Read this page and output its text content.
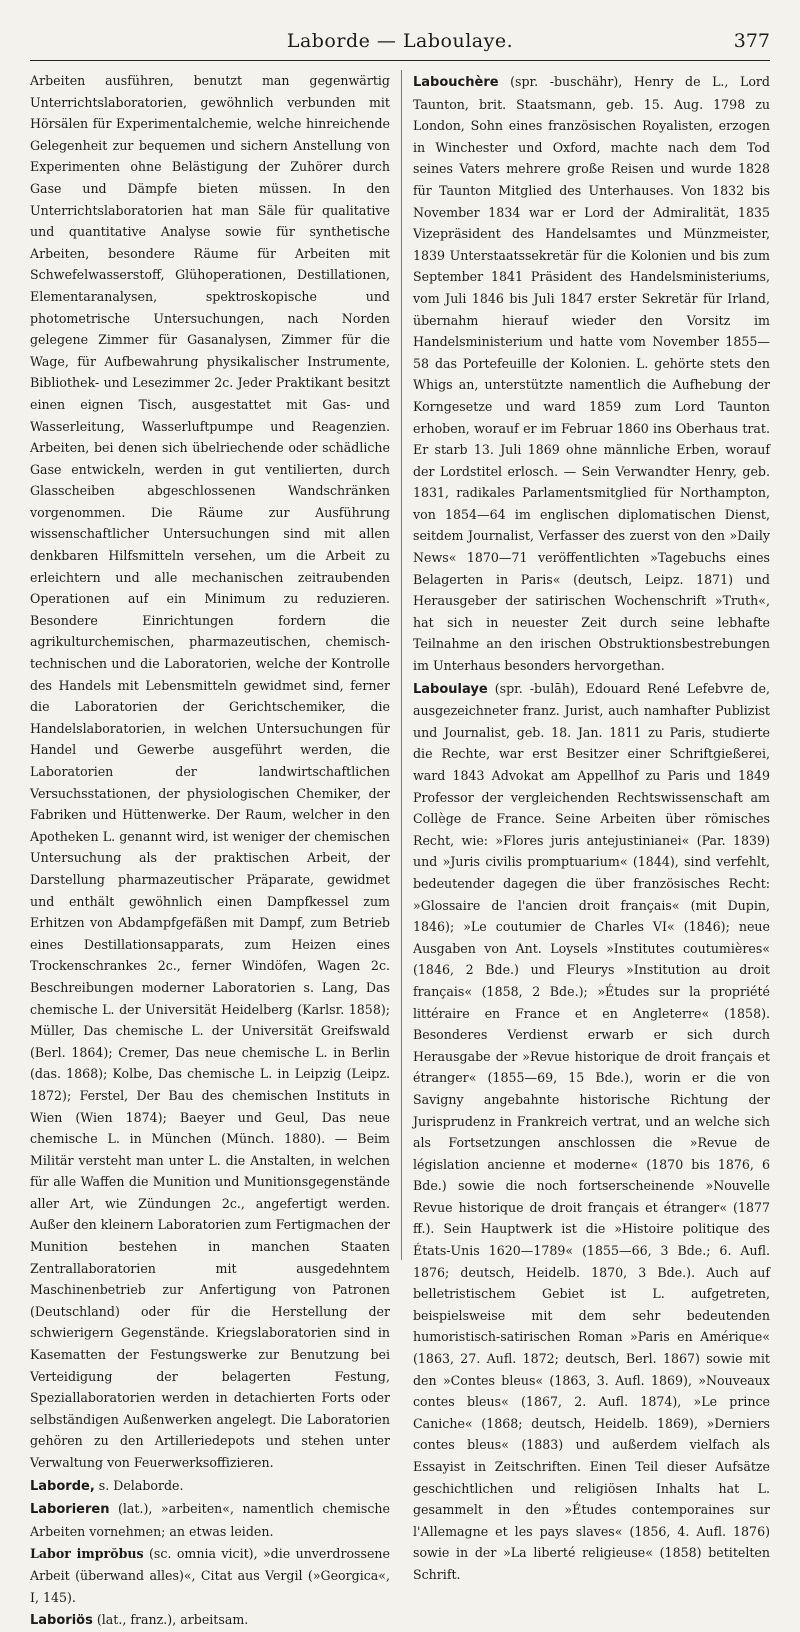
Laborde — Laboulaye.	377

Arbeiten ausführen, benutzt man gegenwärtig Unterrichtslaboratorien, gewöhnlich verbunden mit Hörsälen für Experimentalchemie, welche hinreichende Gelegenheit zur bequemen und sichern Anstellung von Experimenten ohne Belästigung der Zuhörer durch Gase und Dämpfe bieten müssen. In den Unterrichtslaboratorien hat man Säle für qualitative und quantitative Analyse sowie für synthetische Arbeiten, besondere Räume für Arbeiten mit Schwefelwasserstoff, Glühoperationen, Destillationen, Elementaranalysen, spektroskopische und photometrische Untersuchungen, nach Norden gelegene Zimmer für Gasanalysen, Zimmer für die Wage, für Aufbewahrung physikalischer Instrumente, Bibliothek- und Lesezimmer 2c. Jeder Praktikant besitzt einen eignen Tisch, ausgestattet mit Gas- und Wasserleitung, Wasserluftpumpe und Reagenzien. Arbeiten, bei denen sich übelriechende oder schädliche Gase entwickeln, werden in gut ventilierten, durch Glasscheiben abgeschlossenen Wandschränken vorgenommen. Die Räume zur Ausführung wissenschaftlicher Untersuchungen sind mit allen denkbaren Hilfsmitteln versehen, um die Arbeit zu erleichtern und alle mechanischen zeitraubenden Operationen auf ein Minimum zu reduzieren. Besondere Einrichtungen fordern die agrikulturchemischen, pharmazeutischen, chemisch-technischen und die Laboratorien, welche der Kontrolle des Handels mit Lebensmitteln gewidmet sind, ferner die Laboratorien der Gerichtschemiker, die Handelslaboratorien, in welchen Untersuchungen für Handel und Gewerbe ausgeführt werden, die Laboratorien der landwirtschaftlichen Versuchsstationen, der physiologischen Chemiker, der Fabriken und Hüttenwerke. Der Raum, welcher in den Apotheken L. genannt wird, ist weniger der chemischen Untersuchung als der praktischen Arbeit, der Darstellung pharmazeutischer Präparate, gewidmet und enthält gewöhnlich einen Dampfkessel zum Erhitzen von Abdampfgefäßen mit Dampf, zum Betrieb eines Destillationsapparats, zum Heizen eines Trockenschrankes 2c., ferner Windöfen, Wagen 2c. Beschreibungen moderner Laboratorien s. Lang, Das chemische L. der Universität Heidelberg (Karlsr. 1858); Müller, Das chemische L. der Universität Greifswald (Berl. 1864); Cremer, Das neue chemische L. in Berlin (das. 1868); Kolbe, Das chemische L. in Leipzig (Leipz. 1872); Ferstel, Der Bau des chemischen Instituts in Wien (Wien 1874); Baeyer und Geul, Das neue chemische L. in München (Münch. 1880). — Beim Militär versteht man unter L. die Anstalten, in welchen für alle Waffen die Munition und Munitionsgegenstände aller Art, wie Zündungen 2c., angefertigt werden. Außer den kleinern Laboratorien zum Fertigmachen der Munition bestehen in manchen Staaten Zentrallaboratorien mit ausgedehntem Maschinenbetrieb zur Anfertigung von Patronen (Deutschland) oder für die Herstellung der schwierigern Gegenstände. Kriegslaboratorien sind in Kasematten der Festungswerke zur Benutzung bei Verteidigung der belagerten Festung, Speziallaboratorien werden in detachierten Forts oder selbständigen Außenwerken angelegt. Die Laboratorien gehören zu den Artilleriedepots und stehen unter Verwaltung von Feuerwerksoffizieren.

Laborde, s. Delaborde.

Laborieren (lat.), »arbeiten«, namentlich chemische Arbeiten vornehmen; an etwas leiden.

Labor imprŏbus (sc. omnia vicit), »die unverdrossene Arbeit (überwand alles)«, Citat aus Vergil (»Georgica«, I, 145).

Laboriös (lat., franz.), arbeitsam.

Labouchère (spr. -buschähr), Henry de L., Lord Taunton, brit. Staatsmann, geb. 15. Aug. 1798 zu London, Sohn eines französischen Royalisten, erzogen in Winchester und Oxford, machte nach dem Tod seines Vaters mehrere große Reisen und wurde 1828 für Taunton Mitglied des Unterhauses. Von 1832 bis November 1834 war er Lord der Admiralität, 1835 Vizepräsident des Handelsamtes und Münzmeister, 1839 Unterstaatssekretär für die Kolonien und bis zum September 1841 Präsident des Handelsministeriums, vom Juli 1846 bis Juli 1847 erster Sekretär für Irland, übernahm hierauf wieder den Vorsitz im Handelsministerium und hatte vom November 1855—58 das Portefeuille der Kolonien. L. gehörte stets den Whigs an, unterstützte namentlich die Aufhebung der Korngesetze und ward 1859 zum Lord Taunton erhoben, worauf er im Februar 1860 ins Oberhaus trat. Er starb 13. Juli 1869 ohne männliche Erben, worauf der Lordstitel erlosch. — Sein Verwandter Henry, geb. 1831, radikales Parlamentsmitglied für Northampton, von 1854—64 im englischen diplomatischen Dienst, seitdem Journalist, Verfasser des zuerst von den »Daily News« 1870—71 veröffentlichten »Tagebuchs eines Belagerten in Paris« (deutsch, Leipz. 1871) und Herausgeber der satirischen Wochenschrift »Truth«, hat sich in neuester Zeit durch seine lebhafte Teilnahme an den irischen Obstruktionsbestrebungen im Unterhaus besonders hervorgethan.

Laboulaye (spr. -bulāh), Edouard René Lefebvre de, ausgezeichneter franz. Jurist, auch namhafter Publizist und Journalist, geb. 18. Jan. 1811 zu Paris, studierte die Rechte, war erst Besitzer einer Schriftgießerei, ward 1843 Advokat am Appellhof zu Paris und 1849 Professor der vergleichenden Rechtswissenschaft am Collège de France. Seine Arbeiten über römisches Recht, wie: »Flores juris antejustinianei« (Par. 1839) und »Juris civilis promptuarium« (1844), sind verfehlt, bedeutender dagegen die über französisches Recht: »Glossaire de l'ancien droit français« (mit Dupin, 1846); »Le coutumier de Charles VI« (1846); neue Ausgaben von Ant. Loysels »Institutes coutumières« (1846, 2 Bde.) und Fleurys »Institution au droit français« (1858, 2 Bde.); »Études sur la propriété littéraire en France et en Angleterre« (1858). Besonderes Verdienst erwarb er sich durch Herausgabe der »Revue historique de droit français et étranger« (1855—69, 15 Bde.), worin er die von Savigny angebahnte historische Richtung der Jurisprudenz in Frankreich vertrat, und an welche sich als Fortsetzungen anschlossen die »Revue de législation ancienne et moderne« (1870 bis 1876, 6 Bde.) sowie die noch fortserscheinende »Nouvelle Revue historique de droit français et étranger« (1877 ff.). Sein Hauptwerk ist die »Histoire politique des États-Unis 1620—1789« (1855—66, 3 Bde.; 6. Aufl. 1876; deutsch, Heidelb. 1870, 3 Bde.). Auch auf belletristischem Gebiet ist L. aufgetreten, beispielsweise mit dem sehr bedeutenden humoristisch-satirischen Roman »Paris en Amérique« (1863, 27. Aufl. 1872; deutsch, Berl. 1867) sowie mit den »Contes bleus« (1863, 3. Aufl. 1869), »Nouveaux contes bleus« (1867, 2. Aufl. 1874), »Le prince Caniche« (1868; deutsch, Heidelb. 1869), »Derniers contes bleus« (1883) und außerdem vielfach als Essayist in Zeitschriften. Einen Teil dieser Aufsätze geschichtlichen und religiösen Inhalts hat L. gesammelt in den »Études contemporaines sur l'Allemagne et les pays slaves« (1856, 4. Aufl. 1876) sowie in der »La liberté religieuse« (1858) betitelten Schrift.
